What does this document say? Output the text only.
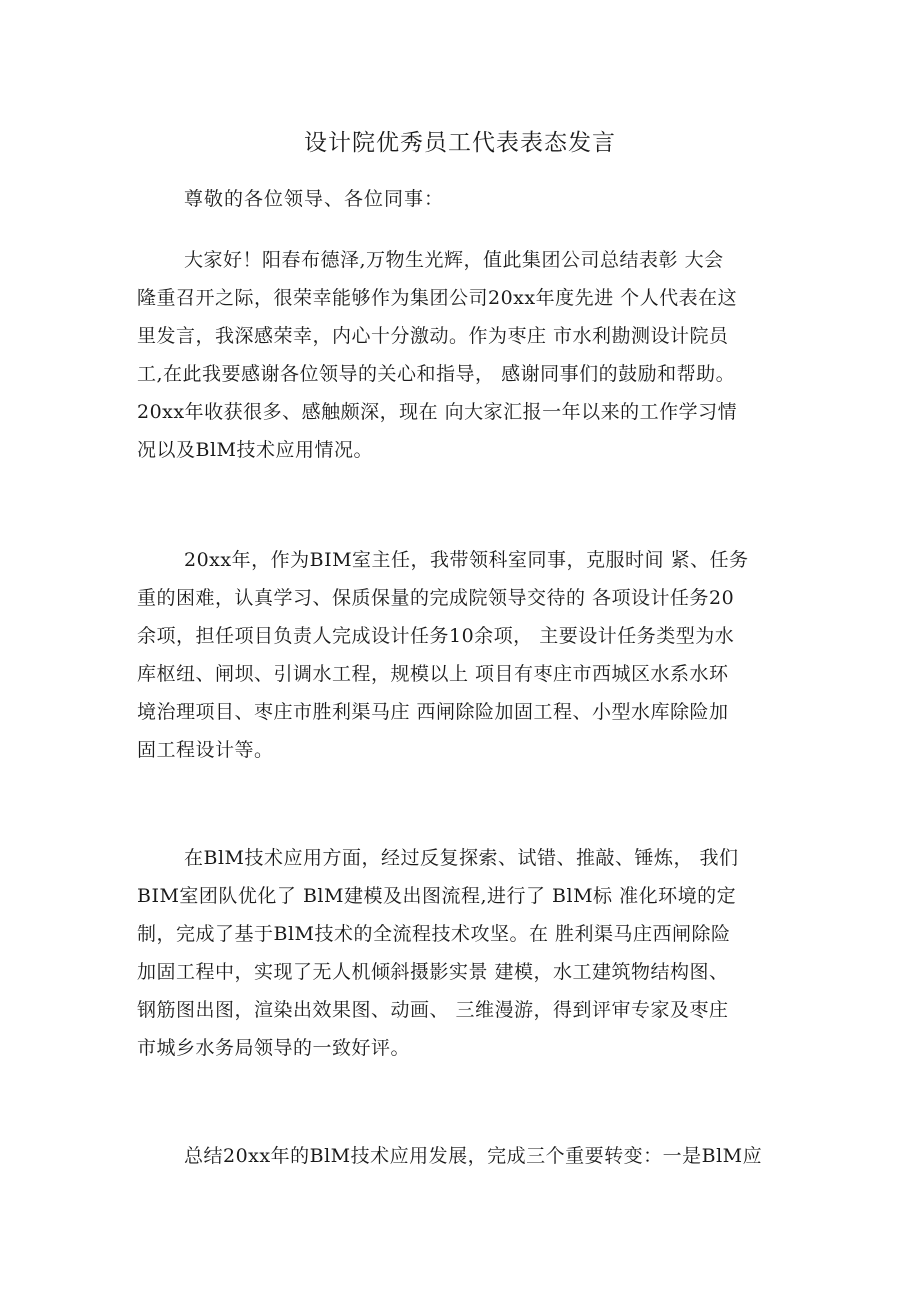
设计院优秀员工代表表态发言

尊敬的各位领导、各位同事：

大家好！阳春布德泽,万物生光辉，值此集团公司总结表彰 大会
隆重召开之际，很荣幸能够作为集团公司20xx年度先进 个人代表在这
里发言，我深感荣幸，内心十分激动。作为枣庄 市水利勘测设计院员
工,在此我要感谢各位领导的关心和指导， 感谢同事们的鼓励和帮助。
20xx年收获很多、感触颇深，现在 向大家汇报一年以来的工作学习情
况以及BlM技术应用情况。
20xx年，作为BIM室主任，我带领科室同事，克服时间 紧、任务
重的困难，认真学习、保质保量的完成院领导交待的 各项设计任务20
余项，担任项目负责人完成设计任务10余项， 主要设计任务类型为水
库枢纽、闸坝、引调水工程，规模以上 项目有枣庄市西城区水系水环
境治理项目、枣庄市胜利渠马庄 西闸除险加固工程、小型水库除险加
固工程设计等。
在BlM技术应用方面，经过反复探索、试错、推敲、锤炼， 我们
BIM室团队优化了 BlM建模及出图流程,进行了 BlM标 准化环境的定
制，完成了基于BlM技术的全流程技术攻坚。在 胜利渠马庄西闸除险
加固工程中，实现了无人机倾斜摄影实景 建模，水工建筑物结构图、
钢筋图出图，渲染出效果图、动画、 三维漫游，得到评审专家及枣庄
市城乡水务局领导的一致好评。
总结20xx年的BlM技术应用发展，完成三个重要转变：一是BlM应
